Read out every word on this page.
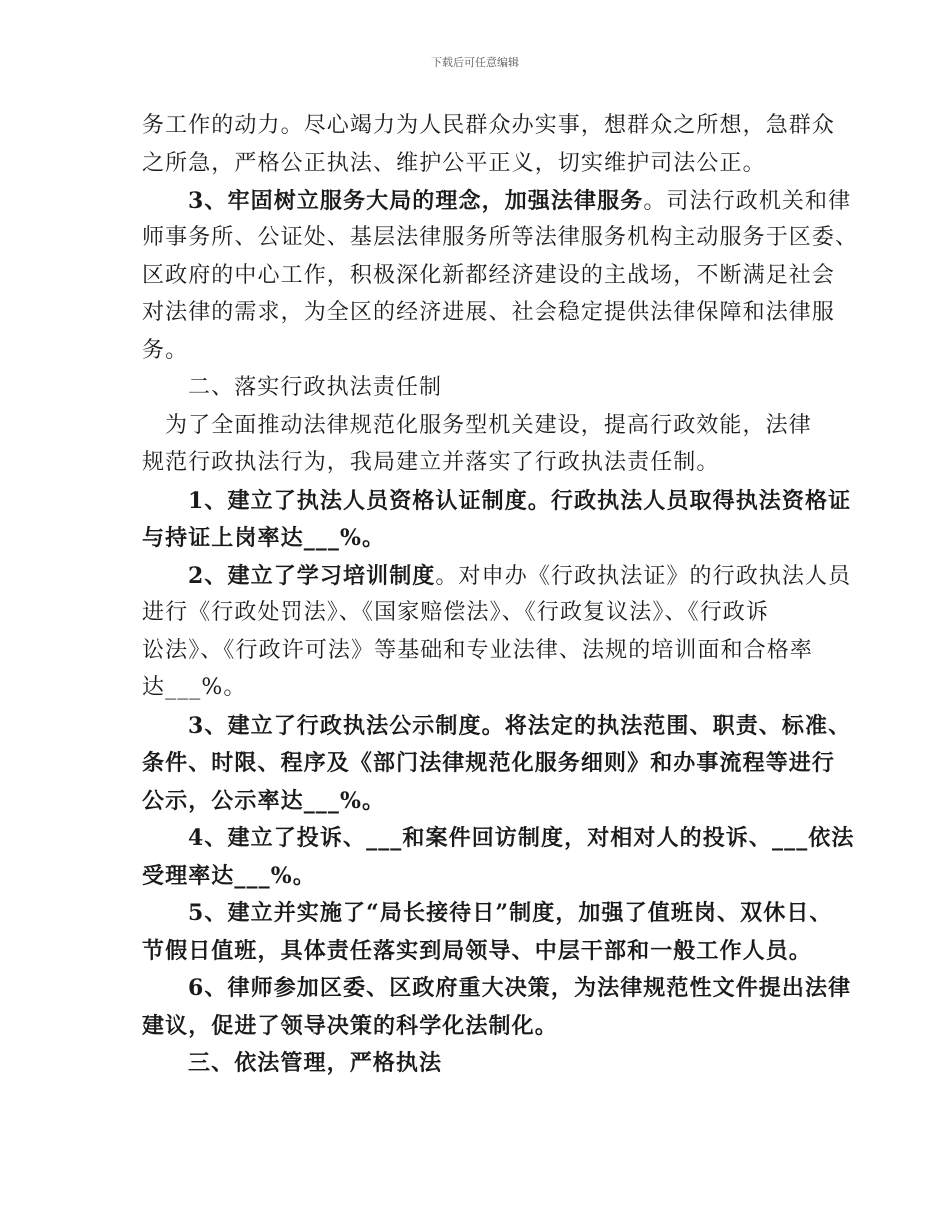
下载后可任意编辑
务工作的动力。尽心竭力为人民群众办实事，想群众之所想，急群众
之所急，严格公正执法、维护公平正义，切实维护司法公正。
3、牢固树立服务大局的理念，加强法律服务。司法行政机关和律
师事务所、公证处、基层法律服务所等法律服务机构主动服务于区委、
区政府的中心工作，积极深化新都经济建设的主战场，不断满足社会
对法律的需求，为全区的经济进展、社会稳定提供法律保障和法律服
务。
二、落实行政执法责任制
为了全面推动法律规范化服务型机关建设，提高行政效能，法律
规范行政执法行为，我局建立并落实了行政执法责任制。
1、建立了执法人员资格认证制度。行政执法人员取得执法资格证
与持证上岗率达___%。
2、建立了学习培训制度。对申办《行政执法证》的行政执法人员
进行《行政处罚法》、《国家赔偿法》、《行政复议法》、《行政诉
讼法》、《行政许可法》等基础和专业法律、法规的培训面和合格率
达___%。
3、建立了行政执法公示制度。将法定的执法范围、职责、标准、
条件、时限、程序及《部门法律规范化服务细则》和办事流程等进行
公示，公示率达___%。
4、建立了投诉、___和案件回访制度，对相对人的投诉、___依法
受理率达___%。
5、建立并实施了“局长接待日”制度，加强了值班岗、双休日、
节假日值班，具体责任落实到局领导、中层干部和一般工作人员。
6、律师参加区委、区政府重大决策，为法律规范性文件提出法律
建议，促进了领导决策的科学化法制化。
三、依法管理，严格执法
